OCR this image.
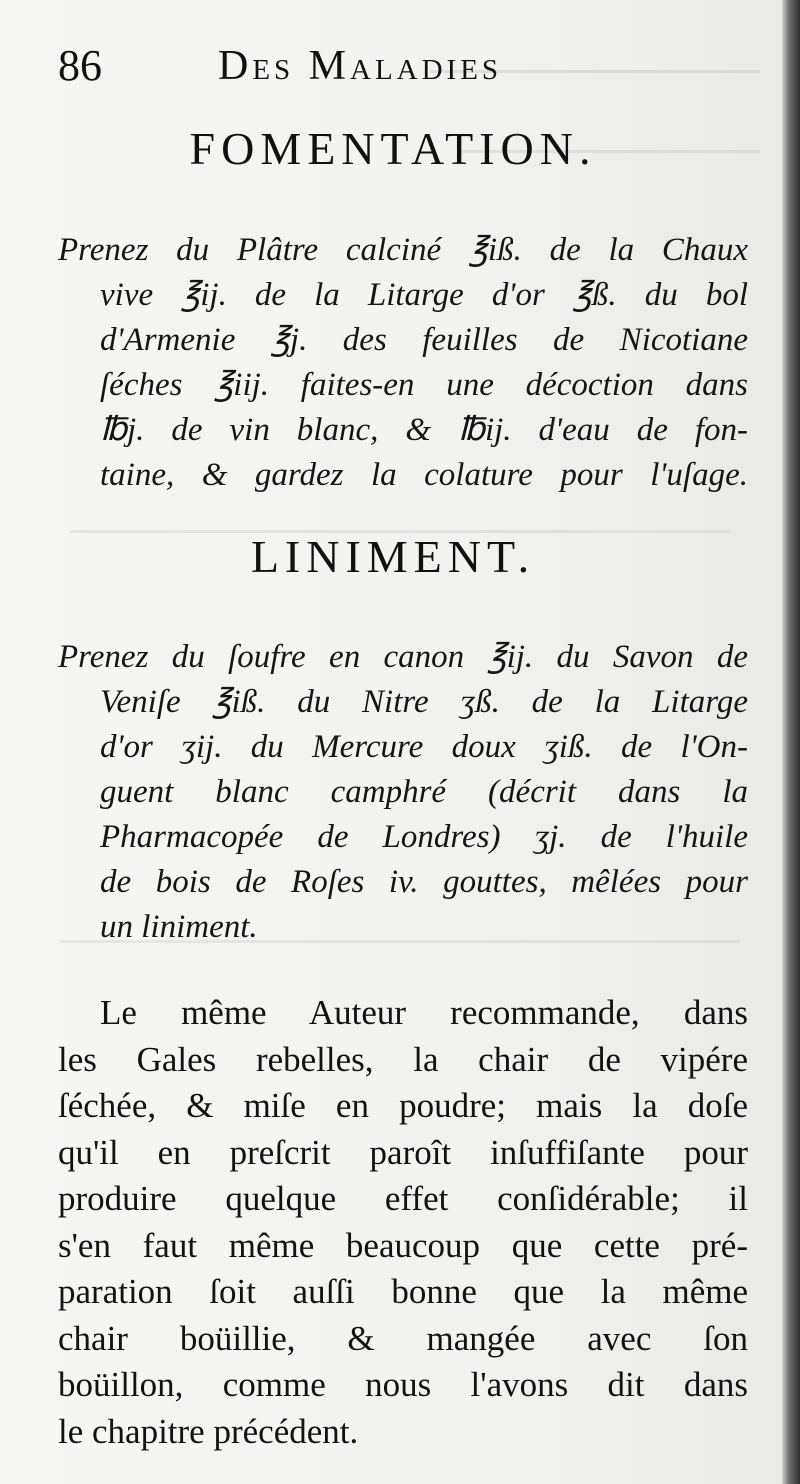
86	Des Maladies
FOMENTATION.
Prenez du Plâtre calciné ℥iß. de la Chaux
vive ℥ij. de la Litarge d'or ℥ß. du bol
d'Armenie ℥j. des feuilles de Nicotiane
ſéches ℥iij. faites-en une décoction dans
℔j. de vin blanc, & ℔ij. d'eau de fon-
taine, & gardez la colature pour l'uſage.
LINIMENT.
Prenez du ſoufre en canon ℥ij. du Savon de
Veniſe ℥iß. du Nitre ʒß. de la Litarge
d'or ʒij. du Mercure doux ʒiß. de l'On-
guent blanc camphré (décrit dans la
Pharmacopée de Londres) ʒj. de l'huile
de bois de Roſes iv. gouttes, mêlées pour
un liniment.
Le même Auteur recommande, dans
les Gales rebelles, la chair de vipére
ſéchée, & miſe en poudre; mais la doſe
qu'il en preſcrit paroît inſuffiſante pour
produire quelque effet conſidérable; il
s'en faut même beaucoup que cette pré-
paration ſoit auſſi bonne que la même
chair boüillie, & mangée avec ſon
boüillon, comme nous l'avons dit dans
le chapitre précédent.
